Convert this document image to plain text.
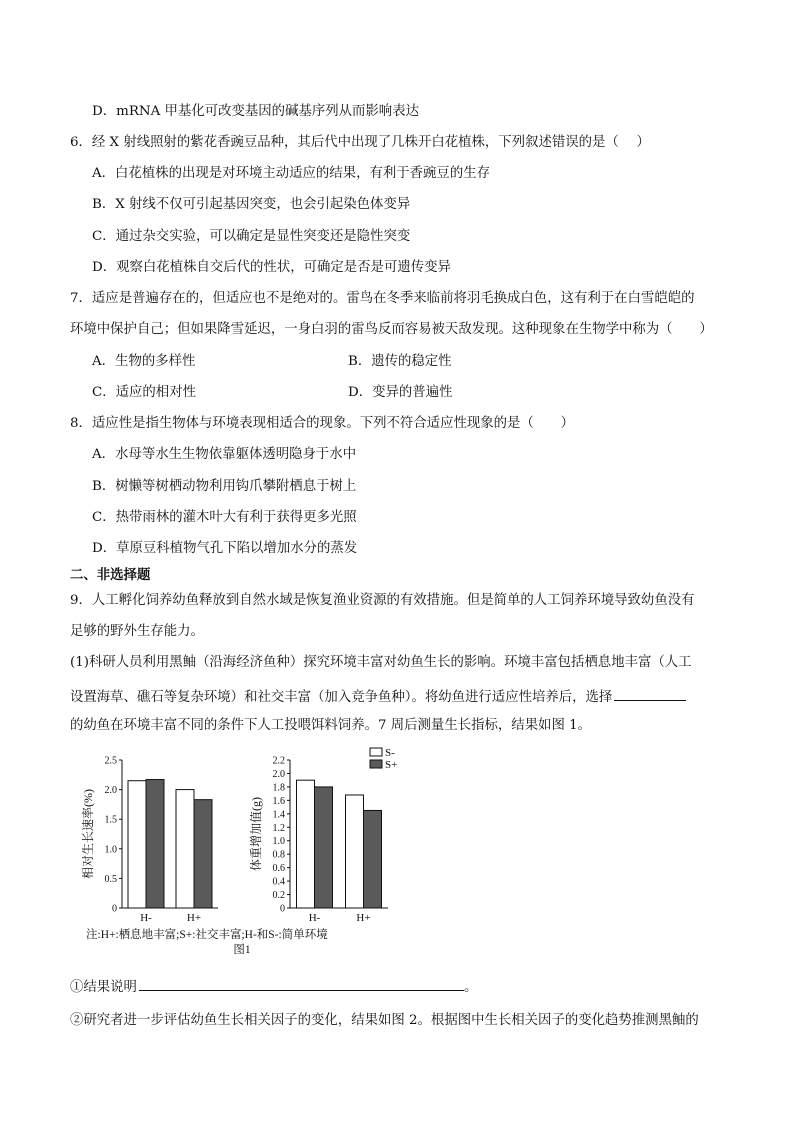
D．mRNA 甲基化可改变基因的碱基序列从而影响表达
6．经 X 射线照射的紫花香豌豆品种，其后代中出现了几株开白花植株，下列叙述错误的是（　 ）
A．白花植株的出现是对环境主动适应的结果，有利于香豌豆的生存
B．X 射线不仅可引起基因突变，也会引起染色体变异
C．通过杂交实验，可以确定是显性突变还是隐性突变
D．观察白花植株自交后代的性状，可确定是否是可遗传变异
7．适应是普遍存在的，但适应也不是绝对的。雷鸟在冬季来临前将羽毛换成白色，这有利于在白雪皑皑的
环境中保护自己；但如果降雪延迟，一身白羽的雷鸟反而容易被天敌发现。这种现象在生物学中称为（　　）
A．生物的多样性	B．遗传的稳定性
C．适应的相对性	D．变异的普遍性
8．适应性是指生物体与环境表现相适合的现象。下列不符合适应性现象的是（　　）
A．水母等水生生物依靠躯体透明隐身于水中
B．树懒等树栖动物利用钩爪攀附栖息于树上
C．热带雨林的灌木叶大有利于获得更多光照
D．草原豆科植物气孔下陷以增加水分的蒸发
二、非选择题
9．人工孵化饲养幼鱼释放到自然水域是恢复渔业资源的有效措施。但是简单的人工饲养环境导致幼鱼没有
足够的野外生存能力。
(1)科研人员利用黑鲉（沿海经济鱼种）探究环境丰富对幼鱼生长的影响。环境丰富包括栖息地丰富（人工
设置海草、礁石等复杂环境）和社交丰富（加入竞争鱼种）。将幼鱼进行适应性培养后，选择
的幼鱼在环境丰富不同的条件下人工投喂饵料饲养。7 周后测量生长指标，结果如图 1。
0
0.5
1.0
1.5
2.0
2.5
相对生长速率(%)
H-	H+
0
0.2
0.4
0.6
0.8
1.0
1.2
1.4
1.6
1.8
2.0
2.2
体重增加值(g)
H-	H+
S-
S+
注:H+:栖息地丰富;S+:社交丰富;H-和S-:简单环境
图1
①结果说明	。
②研究者进一步评估幼鱼生长相关因子的变化，结果如图 2。根据图中生长相关因子的变化趋势推测黑鲉的
